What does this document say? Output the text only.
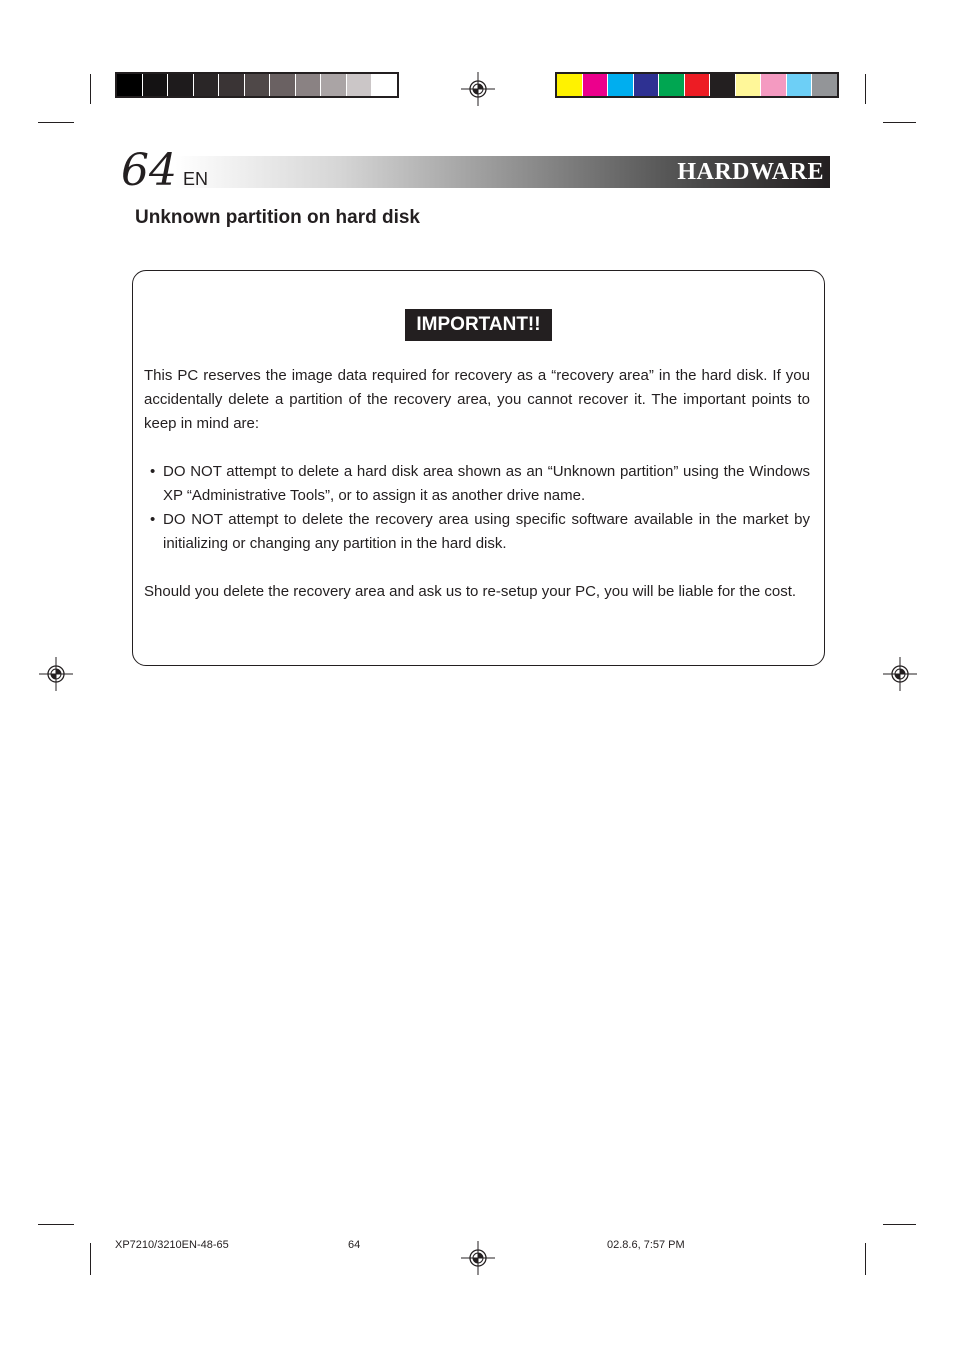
64 EN	HARDWARE
Unknown partition on hard disk
IMPORTANT!!
This PC reserves the image data required for recovery as a “recovery area” in the hard disk. If you accidentally delete a partition of the recovery area, you cannot recover it. The important points to keep in mind are:
• DO NOT attempt to delete a hard disk area shown as an “Unknown partition” using the Windows XP “Administrative Tools”, or to assign it as another drive name.
• DO NOT attempt to delete the recovery area using specific software available in the market by initializing or changing any partition in the hard disk.
Should you delete the recovery area and ask us to re-setup your PC, you will be liable for the cost.
XP7210/3210EN-48-65	64	02.8.6, 7:57 PM
